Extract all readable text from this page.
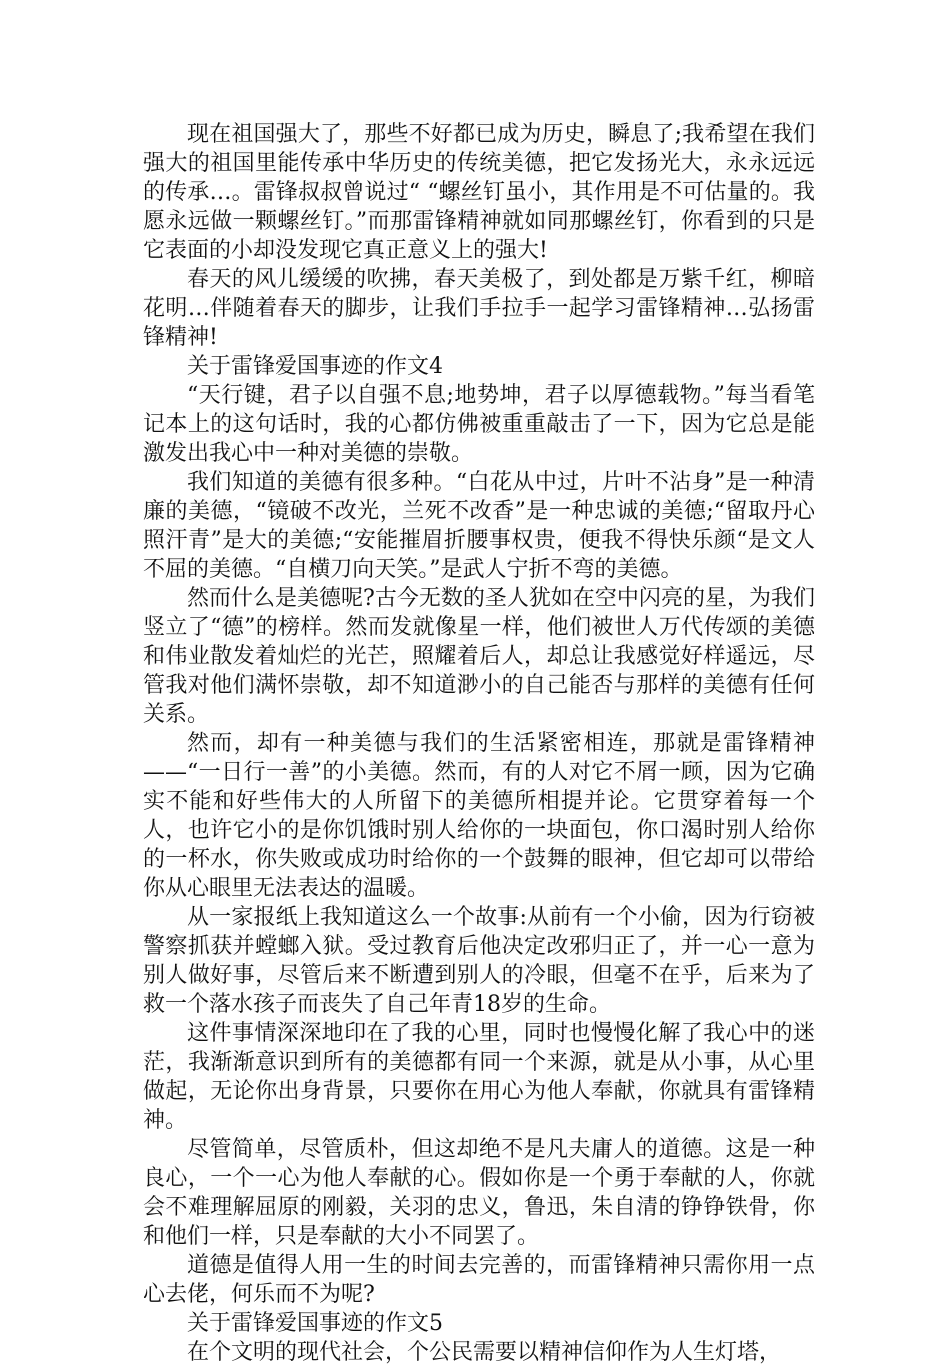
现在祖国强大了，那些不好都已成为历史，瞬息了;我希望在我们强大的祖国里能传承中华历史的传统美德，把它发扬光大，永永远远的传承…。雷锋叔叔曾说过“ “螺丝钉虽小，其作用是不可估量的。我愿永远做一颗螺丝钉。”而那雷锋精神就如同那螺丝钉，你看到的只是它表面的小却没发现它真正意义上的强大!

春天的风儿缓缓的吹拂，春天美极了，到处都是万紫千红，柳暗花明…伴随着春天的脚步，让我们手拉手一起学习雷锋精神…弘扬雷锋精神!

关于雷锋爱国事迹的作文4

“天行键，君子以自强不息;地势坤，君子以厚德载物。”每当看笔记本上的这句话时，我的心都仿佛被重重敲击了一下，因为它总是能激发出我心中一种对美德的崇敬。

我们知道的美德有很多种。“白花从中过，片叶不沾身”是一种清廉的美德，“镜破不改光，兰死不改香”是一种忠诚的美德;“留取丹心照汗青”是大的美德;“安能摧眉折腰事权贵，便我不得快乐颜“是文人不屈的美德。“自横刀向天笑。”是武人宁折不弯的美德。

然而什么是美德呢?古今无数的圣人犹如在空中闪亮的星，为我们竖立了“德”的榜样。然而发就像星一样，他们被世人万代传颂的美德和伟业散发着灿烂的光芒，照耀着后人，却总让我感觉好样遥远，尽管我对他们满怀崇敬，却不知道渺小的自己能否与那样的美德有任何关系。

然而，却有一种美德与我们的生活紧密相连，那就是雷锋精神——“一日行一善”的小美德。然而，有的人对它不屑一顾，因为它确实不能和好些伟大的人所留下的美德所相提并论。它贯穿着每一个人，也许它小的是你饥饿时别人给你的一块面包，你口渴时别人给你的一杯水，你失败或成功时给你的一个鼓舞的眼神，但它却可以带给你从心眼里无法表达的温暖。

从一家报纸上我知道这么一个故事:从前有一个小偷，因为行窃被警察抓获并螳螂入狱。受过教育后他决定改邪归正了，并一心一意为别人做好事，尽管后来不断遭到别人的冷眼，但毫不在乎，后来为了救一个落水孩子而丧失了自己年青18岁的生命。

这件事情深深地印在了我的心里，同时也慢慢化解了我心中的迷茫，我渐渐意识到所有的美德都有同一个来源，就是从小事，从心里做起，无论你出身背景，只要你在用心为他人奉献，你就具有雷锋精神。

尽管简单，尽管质朴，但这却绝不是凡夫庸人的道德。这是一种良心，一个一心为他人奉献的心。假如你是一个勇于奉献的人，你就会不难理解屈原的刚毅，关羽的忠义，鲁迅，朱自清的铮铮铁骨，你和他们一样，只是奉献的大小不同罢了。

道德是值得人用一生的时间去完善的，而雷锋精神只需你用一点心去佬，何乐而不为呢?

关于雷锋爱国事迹的作文5

在个文明的现代社会，个公民需要以精神信仰作为人生灯塔，
